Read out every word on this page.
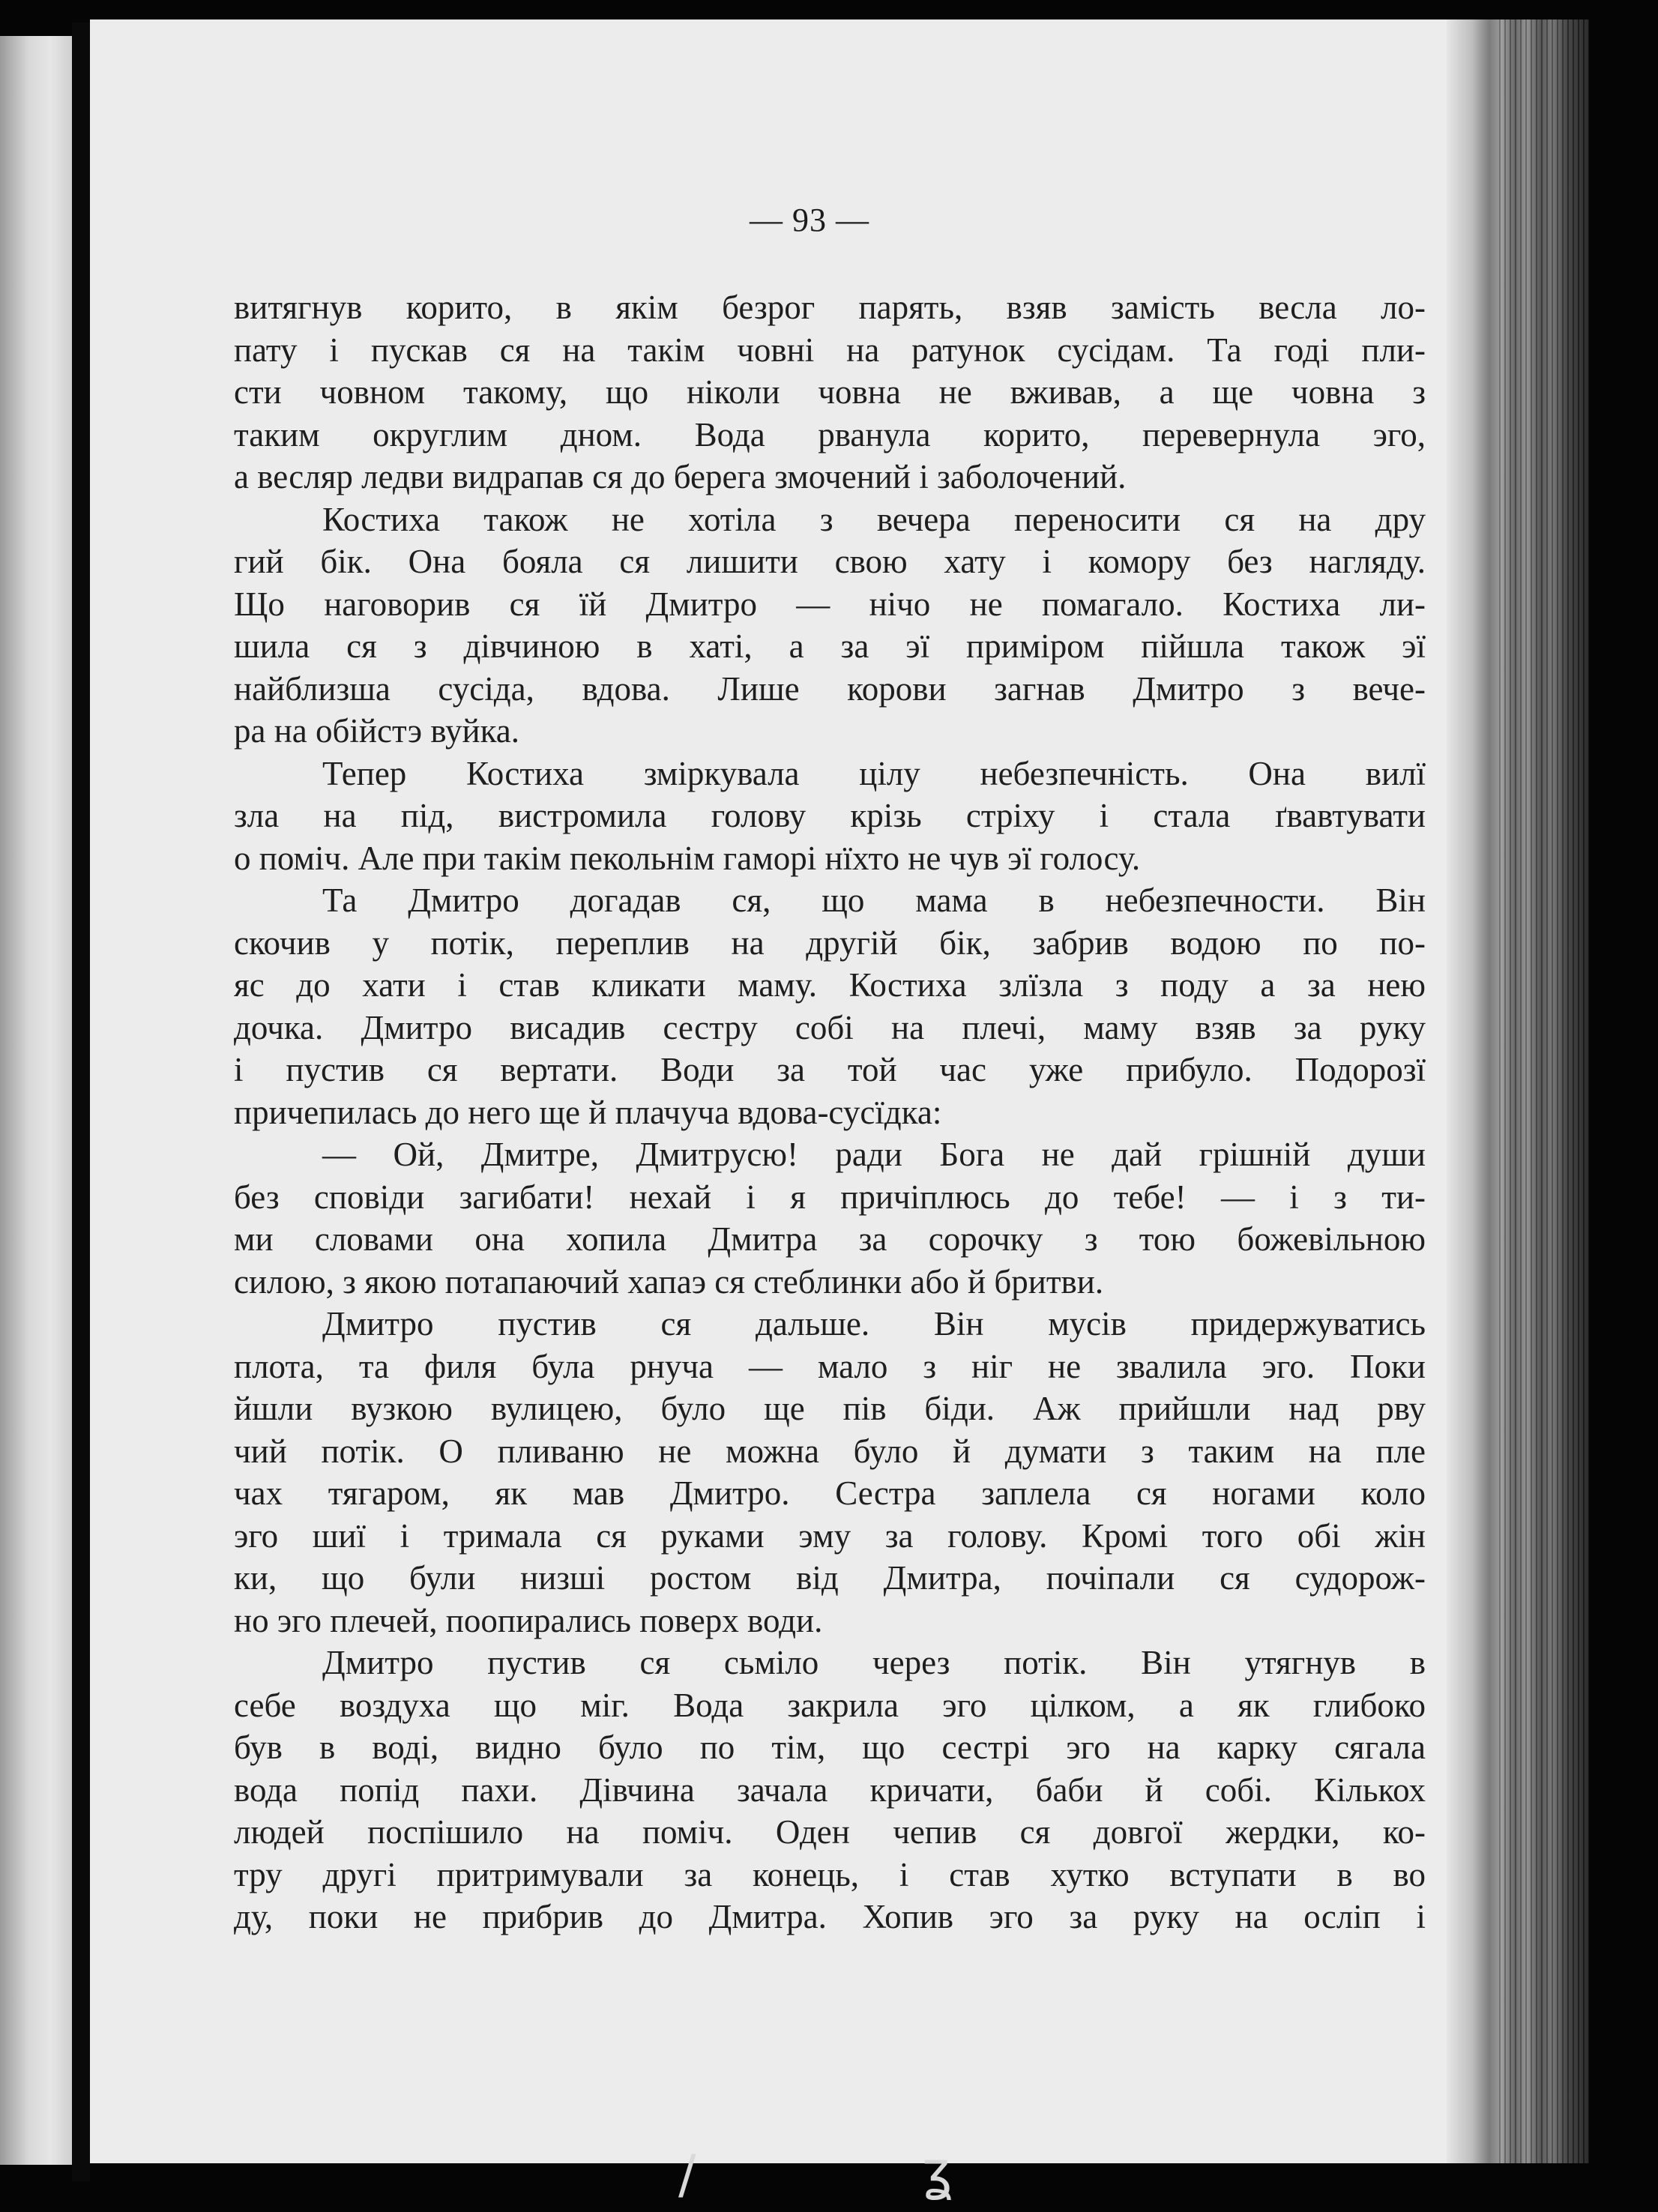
— 93 —
витягнув корито, в якім безрог парять, взяв замість весла ло-
пату і пускав ся на такім човні на ратунок сусідам. Та годі пли-
сти човном такому, що ніколи човна не вживав, а ще човна з
таким округлим дном. Вода рванула корито, перевернула эго,
а весляр ледви видрапав ся до берега змочений і заболочений.
Костиха також не хотіла з вечера переносити ся на дру
гий бік. Она бояла ся лишити свою хату і комору без нагляду.
Що наговорив ся їй Дмитро — нічо не помагало. Костиха ли-
шила ся з дівчиною в хаті, а за эї приміром пійшла також эї
найблизша сусіда, вдова. Лише корови загнав Дмитро з вече-
ра на обійстэ вуйка.
Тепер Костиха зміркувала цілу небезпечність. Она вилї
зла на під, вистромила голову крізь стріху і стала ґвавтувати
о поміч. Але при такім пекольнім гаморі нїхто не чув эї голосу.
Та Дмитро догадав ся, що мама в небезпечности. Він
скочив у потік, переплив на другій бік, забрив водою по по-
яс до хати і став кликати маму. Костиха злїзла з поду а за нею
дочка. Дмитро висадив сестру собі на плечі, маму взяв за руку
і пустив ся вертати. Води за той час уже прибуло. Подорозї
причепилась до него ще й плачуча вдова-сусїдка:
— Ой, Дмитре, Дмитрусю! ради Бога не дай грішній души
без сповіди загибати! нехай і я причіплюсь до тебе! — і з ти-
ми словами она хопила Дмитра за сорочку з тою божевільною
силою, з якою потапаючий хапаэ ся стеблинки або й бритви.
Дмитро пустив ся дальше. Він мусів придержуватись
плота, та филя була рнуча — мало з ніг не звалила эго. Поки
йшли вузкою вулицею, було ще пів біди. Аж прийшли над рву
чий потік. О пливаню не можна було й думати з таким на пле
чах тягаром, як мав Дмитро. Сестра заплела ся ногами коло
эго шиї і тримала ся руками эму за голову. Кромі того обі жін
ки, що були низші ростом від Дмитра, почіпали ся судорож-
но эго плечей, поопирались поверх води.
Дмитро пустив ся сьміло через потік. Він утягнув в
себе воздуха що міг. Вода закрила эго цілком, а як глибоко
був в воді, видно було по тім, що сестрі эго на карку сягала
вода попід пахи. Дівчина зачала кричати, баби й собі. Кількох
людей поспішило на поміч. Оден чепив ся довгої жердки, ко-
тру другі притримували за конець, і став хутко вступати в во
ду, поки не прибрив до Дмитра. Хопив эго за руку на осліп і
/	ʓ
